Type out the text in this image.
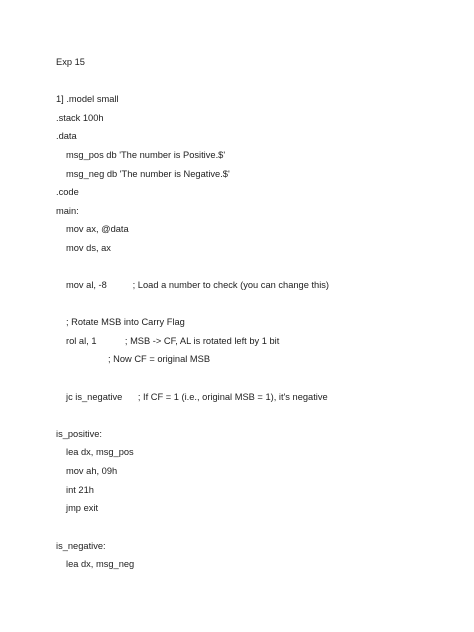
Exp 15

1] .model small

.stack 100h

.data

msg_pos db 'The number is Positive.$'

msg_neg db 'The number is Negative.$'

.code

main:

mov ax, @data

mov ds, ax

mov al, -8          ; Load a number to check (you can change this)

; Rotate MSB into Carry Flag

rol al, 1           ; MSB -> CF, AL is rotated left by 1 bit

; Now CF = original MSB

jc is_negative      ; If CF = 1 (i.e., original MSB = 1), it's negative

is_positive:

lea dx, msg_pos

mov ah, 09h

int 21h

jmp exit

is_negative:

lea dx, msg_neg
